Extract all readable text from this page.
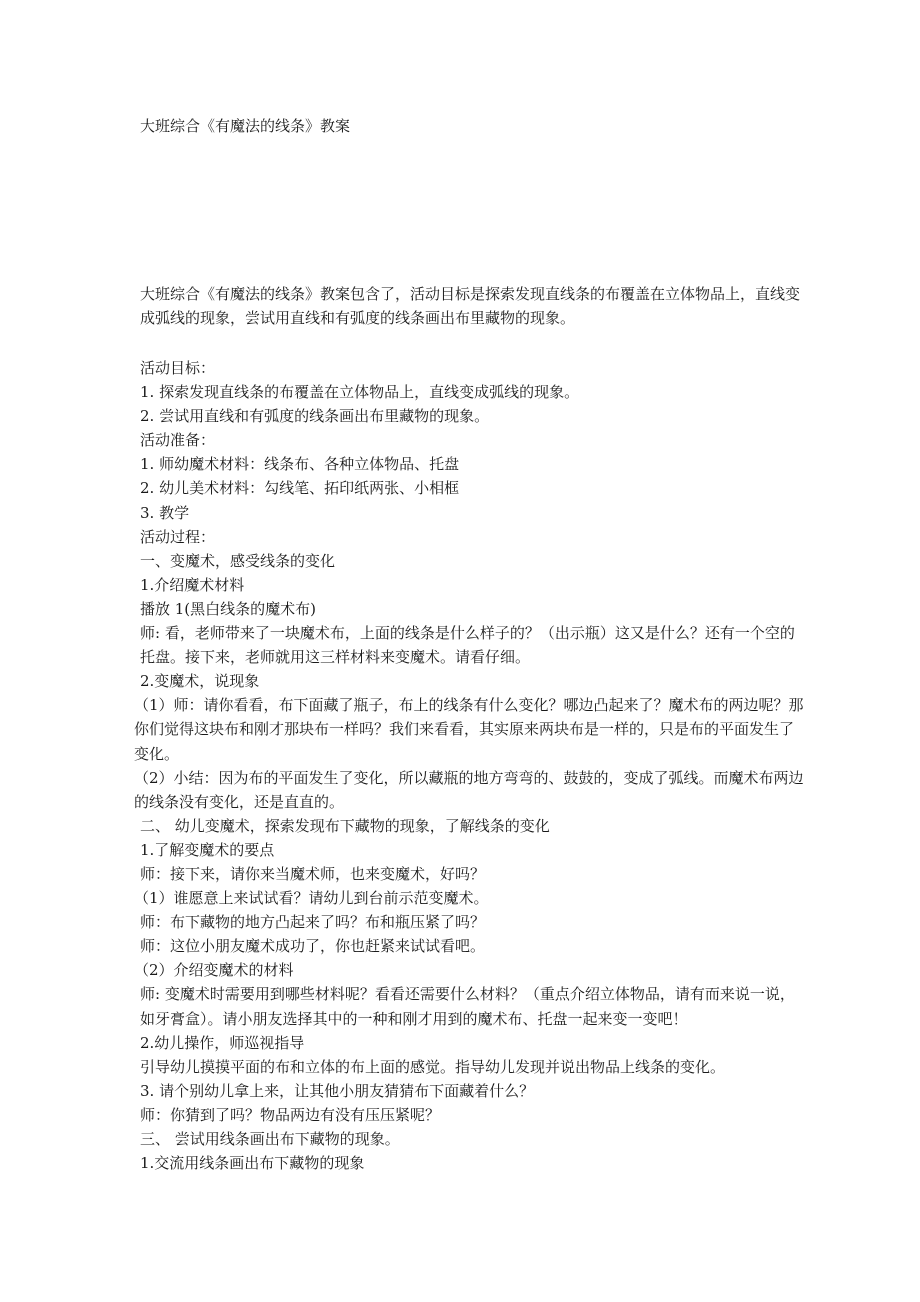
大班综合《有魔法的线条》教案
大班综合《有魔法的线条》教案包含了，活动目标是探索发现直线条的布覆盖在立体物品上，直线变成弧线的现象，尝试用直线和有弧度的线条画出布里藏物的现象。
活动目标：
1. 探索发现直线条的布覆盖在立体物品上，直线变成弧线的现象。
2. 尝试用直线和有弧度的线条画出布里藏物的现象。
活动准备：
1. 师幼魔术材料：线条布、各种立体物品、托盘
2. 幼儿美术材料：勾线笔、拓印纸两张、小相框
3. 教学
活动过程：
一、变魔术，感受线条的变化
1.介绍魔术材料
播放 1(黑白线条的魔术布)
师: 看，老师带来了一块魔术布，上面的线条是什么样子的？（出示瓶）这又是什么？还有一个空的托盘。接下来，老师就用这三样材料来变魔术。请看仔细。
2.变魔术，说现象
（1）师：请你看看，布下面藏了瓶子，布上的线条有什么变化？哪边凸起来了？魔术布的两边呢？那你们觉得这块布和刚才那块布一样吗？我们来看看，其实原来两块布是一样的，只是布的平面发生了变化。
（2）小结：因为布的平面发生了变化，所以藏瓶的地方弯弯的、鼓鼓的，变成了弧线。而魔术布两边的线条没有变化，还是直直的。
二、 幼儿变魔术，探索发现布下藏物的现象，了解线条的变化
1.了解变魔术的要点
师：接下来，请你来当魔术师，也来变魔术，好吗？
（1）谁愿意上来试试看？请幼儿到台前示范变魔术。
师：布下藏物的地方凸起来了吗？布和瓶压紧了吗？
师：这位小朋友魔术成功了，你也赶紧来试试看吧。
（2）介绍变魔术的材料
师: 变魔术时需要用到哪些材料呢？看看还需要什么材料？（重点介绍立体物品，请有而来说一说，如牙膏盒）。请小朋友选择其中的一种和刚才用到的魔术布、托盘一起来变一变吧！
2.幼儿操作，师巡视指导
引导幼儿摸摸平面的布和立体的布上面的感觉。指导幼儿发现并说出物品上线条的变化。
3. 请个别幼儿拿上来，让其他小朋友猜猜布下面藏着什么？
师：你猜到了吗？物品两边有没有压压紧呢？
三、 尝试用线条画出布下藏物的现象。
1.交流用线条画出布下藏物的现象
